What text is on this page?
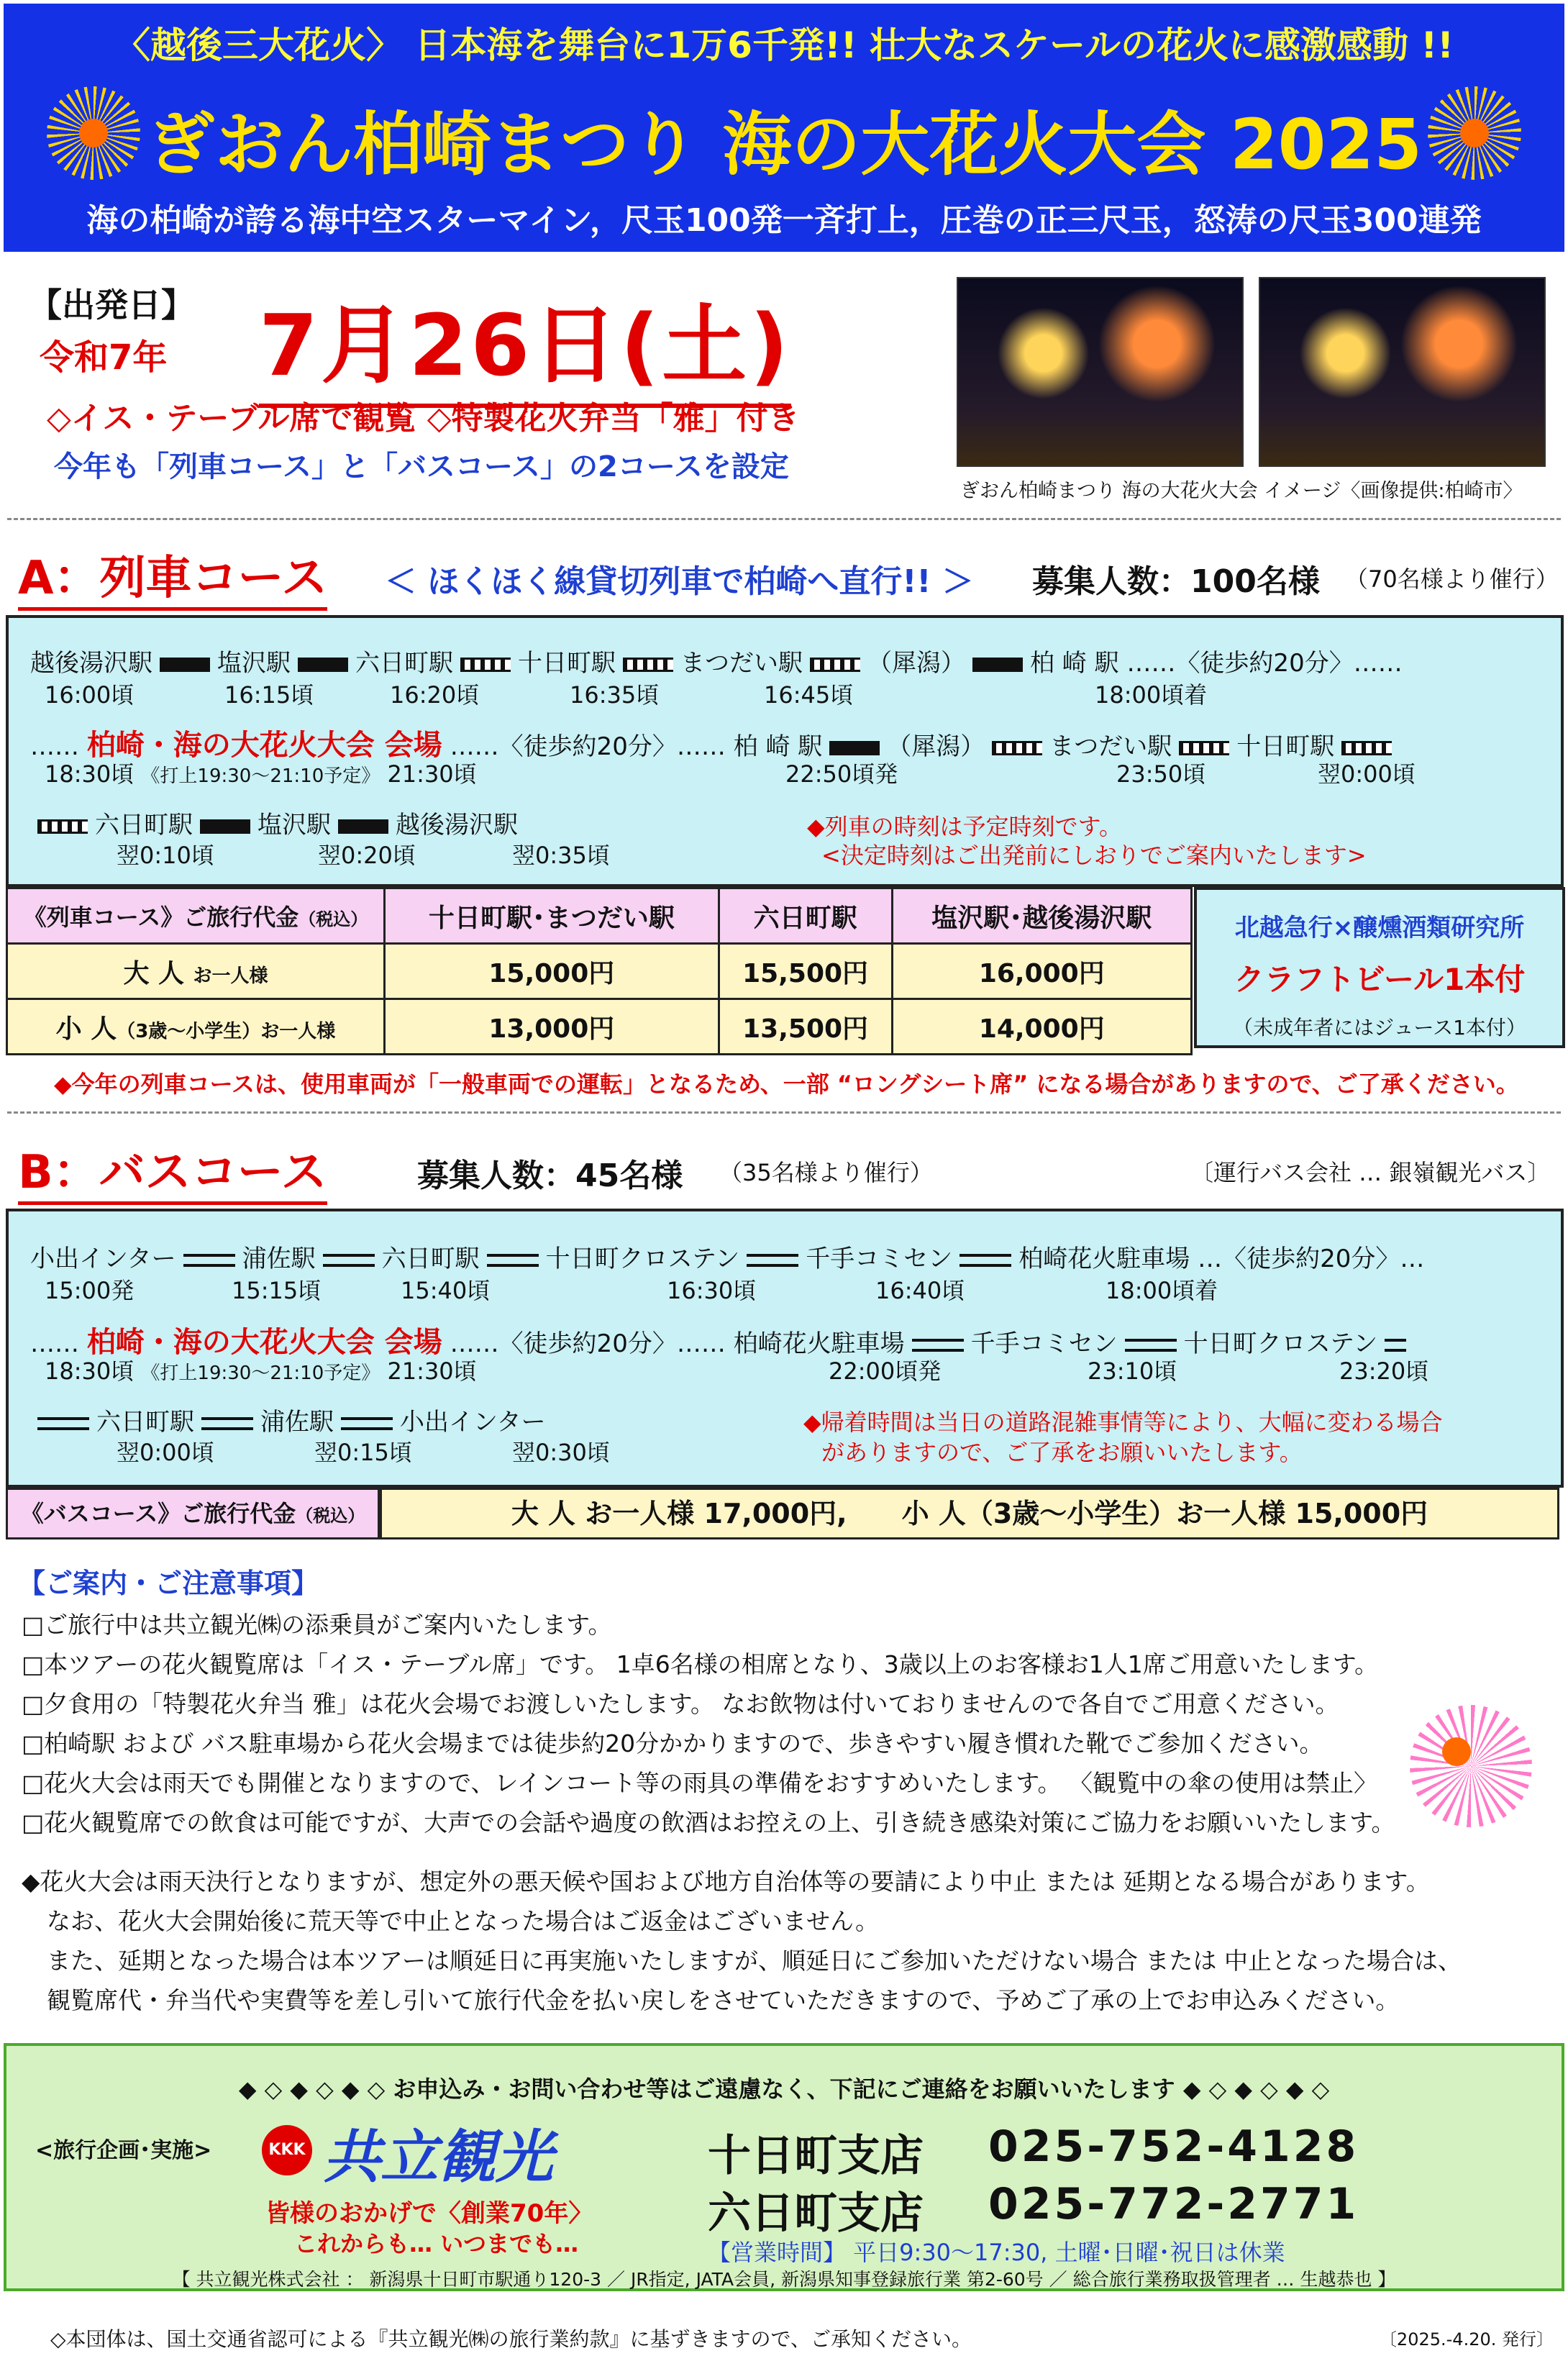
〈越後三大花火〉 日本海を舞台に1万6千発!! 壮大なスケールの花火に感激感動 !!
ぎおん柏崎まつり 海の大花火大会 2025
海の柏崎が誇る海中空スターマイン，尺玉100発一斉打上，圧巻の正三尺玉，怒涛の尺玉300連発
【出発日】
令和7年 7月26日(土)
◇イス・テーブル席で観覧 ◇特製花火弁当「雅」付き
今年も「列車コース」と「バスコース」の2コースを設定
ぎおん柏崎まつり 海の大花火大会 イメージ〈画像提供:柏崎市〉
A：列車コース ＜ ほくほく線貸切列車で柏崎へ直行!! ＞ 募集人数：100名様 （70名様より催行）
越後湯沢駅	塩沢駅	六日町駅	十日町駅	まつだい駅	（犀潟）	柏 崎 駅 ……〈徒歩約20分〉……
16:00頃	16:15頃	16:20頃	16:35頃	16:45頃	18:00頃着
…… 柏崎・海の大花火大会 会場 ……〈徒歩約20分〉…… 柏 崎 駅	（犀潟）	まつだい駅	十日町駅
18:30頃 《打上19:30～21:10予定》 21:30頃	22:50頃発	23:50頃	翌0:00頃
六日町駅	塩沢駅	越後湯沢駅
翌0:10頃	翌0:20頃	翌0:35頃
◆列車の時刻は予定時刻です。
<決定時刻はご出発前にしおりでご案内いたします>
《列車コース》ご旅行代金（税込）	十日町駅･まつだい駅	六日町駅	塩沢駅･越後湯沢駅
大 人 お一人様	15,000円	15,500円	16,000円
小 人（3歳～小学生）お一人様	13,000円	13,500円	14,000円
北越急行×醸燻酒類研究所
クラフトビール1本付
（未成年者にはジュース1本付）
◆今年の列車コースは、使用車両が「一般車両での運転」となるため、一部 “ロングシート席” になる場合がありますので、ご了承ください。
B：バスコース	募集人数：45名様 （35名様より催行）	〔運行バス会社 … 銀嶺観光バス〕
小出インター	浦佐駅	六日町駅	十日町クロステン	千手コミセン	柏崎花火駐車場 …〈徒歩約20分〉…
15:00発	15:15頃	15:40頃	16:30頃	16:40頃	18:00頃着
…… 柏崎・海の大花火大会 会場 ……〈徒歩約20分〉…… 柏崎花火駐車場	千手コミセン	十日町クロステン
18:30頃 《打上19:30～21:10予定》 21:30頃	22:00頃発	23:10頃	23:20頃
六日町駅	浦佐駅	小出インター
翌0:00頃	翌0:15頃	翌0:30頃
◆帰着時間は当日の道路混雑事情等により、大幅に変わる場合
がありますので、ご了承をお願いいたします。
《バスコース》ご旅行代金（税込）	大 人 お一人様 17,000円,　　 小 人（3歳～小学生）お一人様 15,000円
【ご案内・ご注意事項】
□ご旅行中は共立観光㈱の添乗員がご案内いたします。
□本ツアーの花火観覧席は「イス・テーブル席」です。 1卓6名様の相席となり、3歳以上のお客様お1人1席ご用意いたします。
□夕食用の「特製花火弁当 雅」は花火会場でお渡しいたします。 なお飲物は付いておりませんので各自でご用意ください。
□柏崎駅 および バス駐車場から花火会場までは徒歩約20分かかりますので、歩きやすい履き慣れた靴でご参加ください。
□花火大会は雨天でも開催となりますので、レインコート等の雨具の準備をおすすめいたします。 〈観覧中の傘の使用は禁止〉
□花火観覧席での飲食は可能ですが、大声での会話や過度の飲酒はお控えの上、引き続き感染対策にご協力をお願いいたします。
◆花火大会は雨天決行となりますが、想定外の悪天候や国および地方自治体等の要請により中止 または 延期となる場合があります。
なお、花火大会開始後に荒天等で中止となった場合はご返金はございません。
また、延期となった場合は本ツアーは順延日に再実施いたしますが、順延日にご参加いただけない場合 または 中止となった場合は、
観覧席代・弁当代や実費等を差し引いて旅行代金を払い戻しをさせていただきますので、予めご了承の上でお申込みください。
◆ ◇ ◆ ◇ ◆ ◇ お申込み・お問い合わせ等はご遠慮なく、下記にご連絡をお願いいたします ◆ ◇ ◆ ◇ ◆ ◇
<旅行企画･実施>	KKK 共立観光
皆様のおかげで〈創業70年〉
これからも… いつまでも…
十日町支店 025-752-4128
六日町支店 025-772-2771
【営業時間】 平日9:30～17:30, 土曜･日曜･祝日は休業
【 共立観光株式会社 ： 新潟県十日町市駅通り120-3 ／ JR指定, JATA会員, 新潟県知事登録旅行業 第2-60号 ／ 総合旅行業務取扱管理者 … 生越恭也 】
◇本団体は、国土交通省認可による『共立観光㈱の旅行業約款』に基ずきますので、ご承知ください。	〔2025.-4.20. 発行〕
